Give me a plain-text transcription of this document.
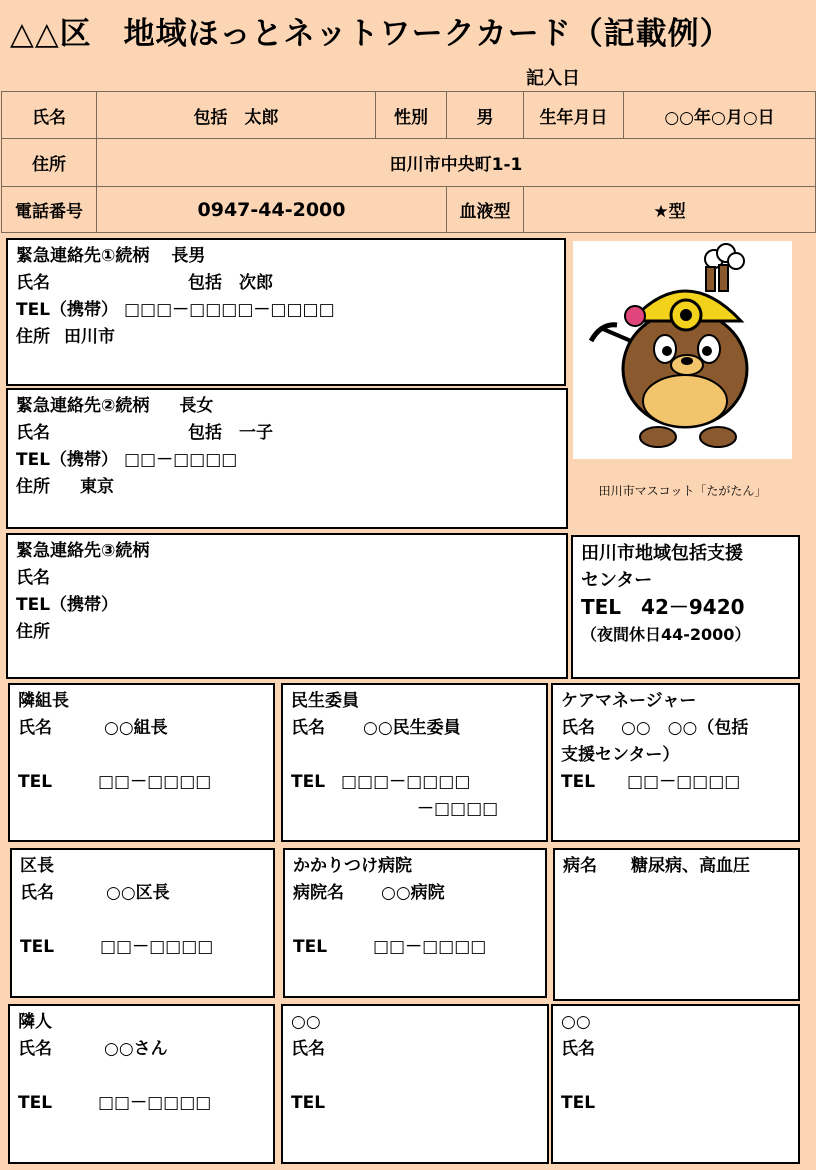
△△区　地域ほっとネットワークカード（記載例）
記入日
氏名	包括　太郎	性別	男	生年月日	○○年○月○日
住所	田川市中央町1-1				
電話番号	0947-44-2000		血液型	★型	
緊急連絡先①続柄 長男
氏名	包括　次郎
TEL（携帯） □□□－□□□□－□□□□
住所 田川市
緊急連絡先②続柄 長女
氏名	包括　一子
TEL（携帯） □□－□□□□
住所 東京	田川市マスコット「たがたん」
緊急連絡先③続柄
氏名
TEL（携帯）
住所
田川市地域包括支援
センター
TEL　42－9420
（夜間休日44-2000）
隣組長
氏名	○○組長

TEL	□□－□□□□
民生委員
氏名 ○○民生委員

TEL □□□－□□□□
－□□□□
ケアマネージャー
氏名 ○○　○○（包括
支援センター）
TEL □□－□□□□
区長
氏名	○○区長

TEL	□□－□□□□
かかりつけ病院
病院名 ○○病院

TEL	□□－□□□□
病名 糖尿病、高血圧
隣人
氏名	○○さん

TEL	□□－□□□□
○○
氏名

TEL
○○
氏名

TEL
